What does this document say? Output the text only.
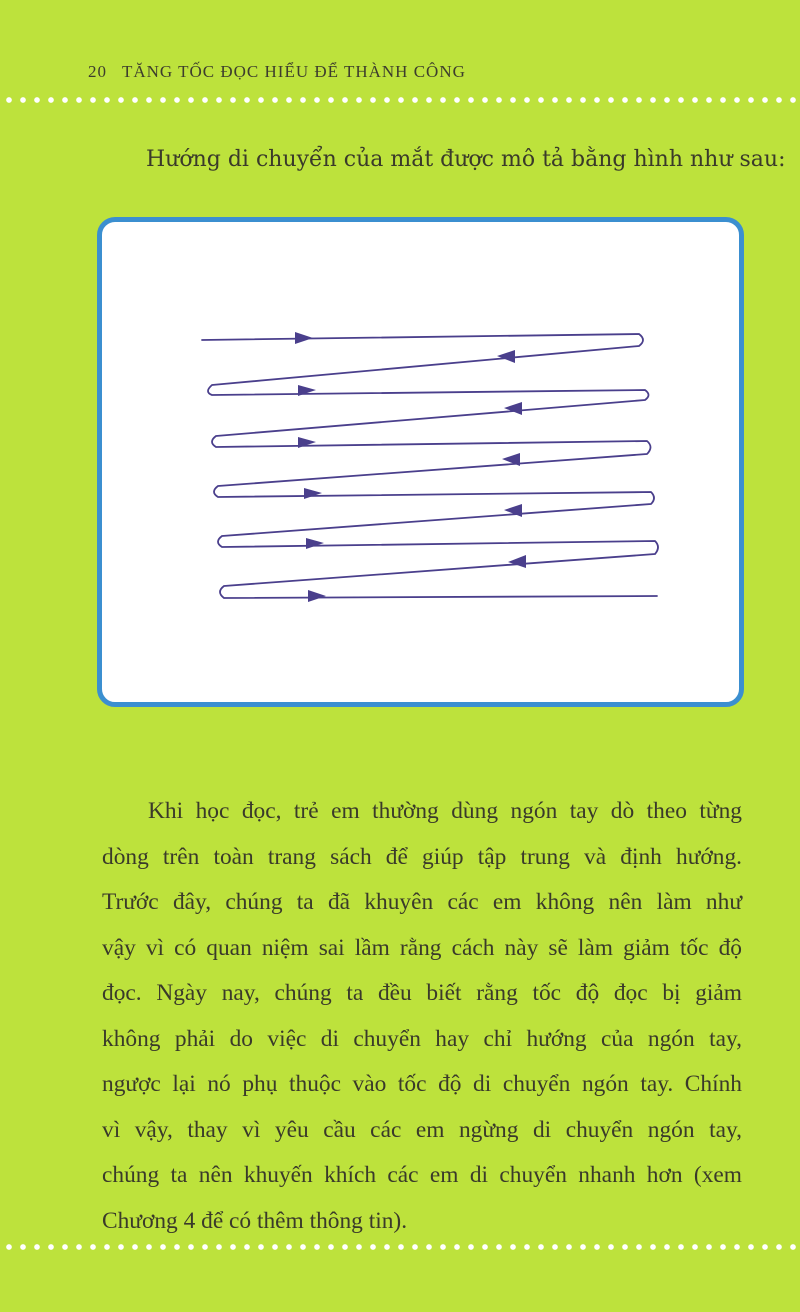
20 TĂNG TỐC ĐỌC HIỂU ĐỂ THÀNH CÔNG
Hướng di chuyển của mắt được mô tả bằng hình như sau:
Khi học đọc, trẻ em thường dùng ngón tay dò theo từng
dòng trên toàn trang sách để giúp tập trung và định hướng.
Trước đây, chúng ta đã khuyên các em không nên làm như
vậy vì có quan niệm sai lầm rằng cách này sẽ làm giảm tốc độ
đọc. Ngày nay, chúng ta đều biết rằng tốc độ đọc bị giảm
không phải do việc di chuyển hay chỉ hướng của ngón tay,
ngược lại nó phụ thuộc vào tốc độ di chuyển ngón tay. Chính
vì vậy, thay vì yêu cầu các em ngừng di chuyển ngón tay,
chúng ta nên khuyến khích các em di chuyển nhanh hơn (xem
Chương 4 để có thêm thông tin).
